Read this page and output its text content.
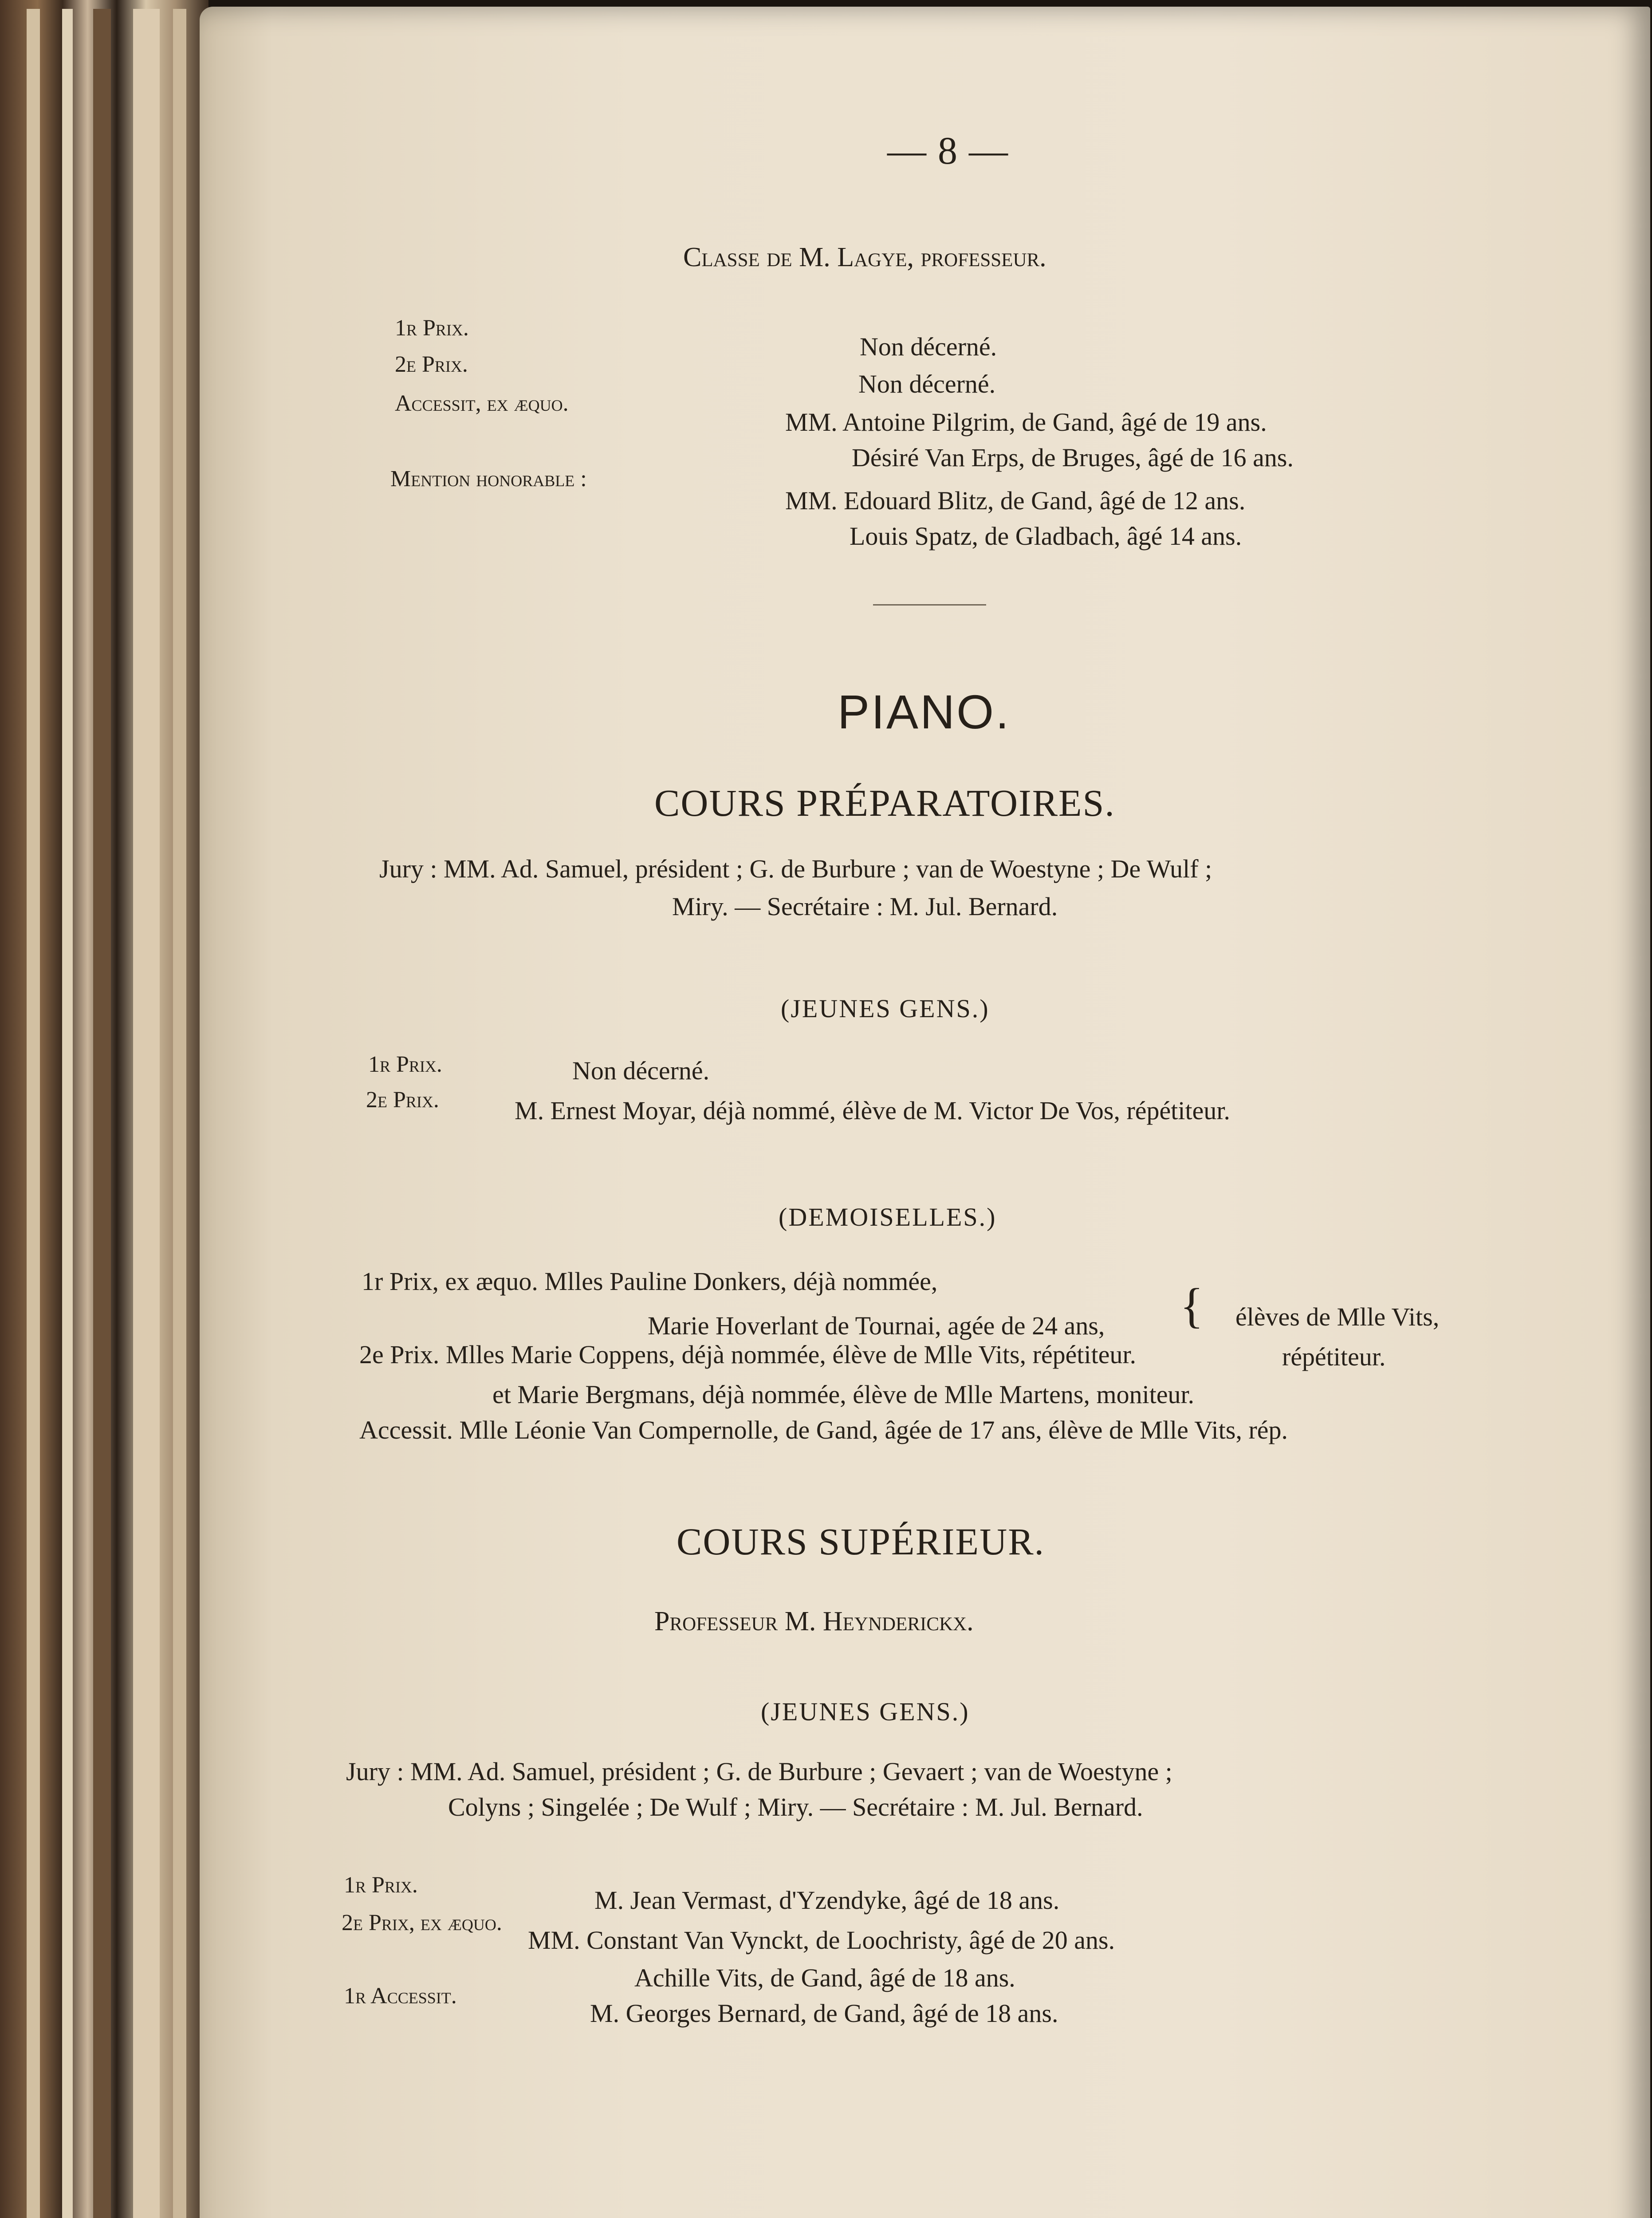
— 8 —
Classe de M. Lagye, professeur.
1r Prix.
Non décerné.
2e Prix.
Non décerné.
Accessit, ex æquo.
MM. Antoine Pilgrim, de Gand, âgé de 19 ans.
Désiré Van Erps, de Bruges, âgé de 16 ans.
Mention honorable :
MM. Edouard Blitz, de Gand, âgé de 12 ans.
Louis Spatz, de Gladbach, âgé 14 ans.
PIANO.
COURS PRÉPARATOIRES.
Jury : MM. Ad. Samuel, président ; G. de Burbure ; van de Woestyne ; De Wulf ;
Miry. — Secrétaire : M. Jul. Bernard.
(JEUNES GENS.)
1r Prix.	Non décerné.
2e Prix.	M. Ernest Moyar, déjà nommé, élève de M. Victor De Vos, répétiteur.
(DEMOISELLES.)
1r Prix, ex æquo. Mlles Pauline Donkers, déjà nommée,
Marie Hoverlant de Tournai, agée de 24 ans, { élèves de Mlle Vits,
répétiteur.
2e Prix. Mlles Marie Coppens, déjà nommée, élève de Mlle Vits, répétiteur.
et Marie Bergmans, déjà nommée, élève de Mlle Martens, moniteur.
Accessit. Mlle Léonie Van Compernolle, de Gand, âgée de 17 ans, élève de Mlle Vits, rép.
COURS SUPÉRIEUR.
Professeur M. Heynderickx.
(JEUNES GENS.)
Jury : MM. Ad. Samuel, président ; G. de Burbure ; Gevaert ; van de Woestyne ;
Colyns ; Singelée ; De Wulf ; Miry. — Secrétaire : M. Jul. Bernard.
1r Prix.
M. Jean Vermast, d'Yzendyke, âgé de 18 ans.
2e Prix, ex æquo.
MM. Constant Van Vynckt, de Loochristy, âgé de 20 ans.
Achille Vits, de Gand, âgé de 18 ans.
1r Accessit.
M. Georges Bernard, de Gand, âgé de 18 ans.
